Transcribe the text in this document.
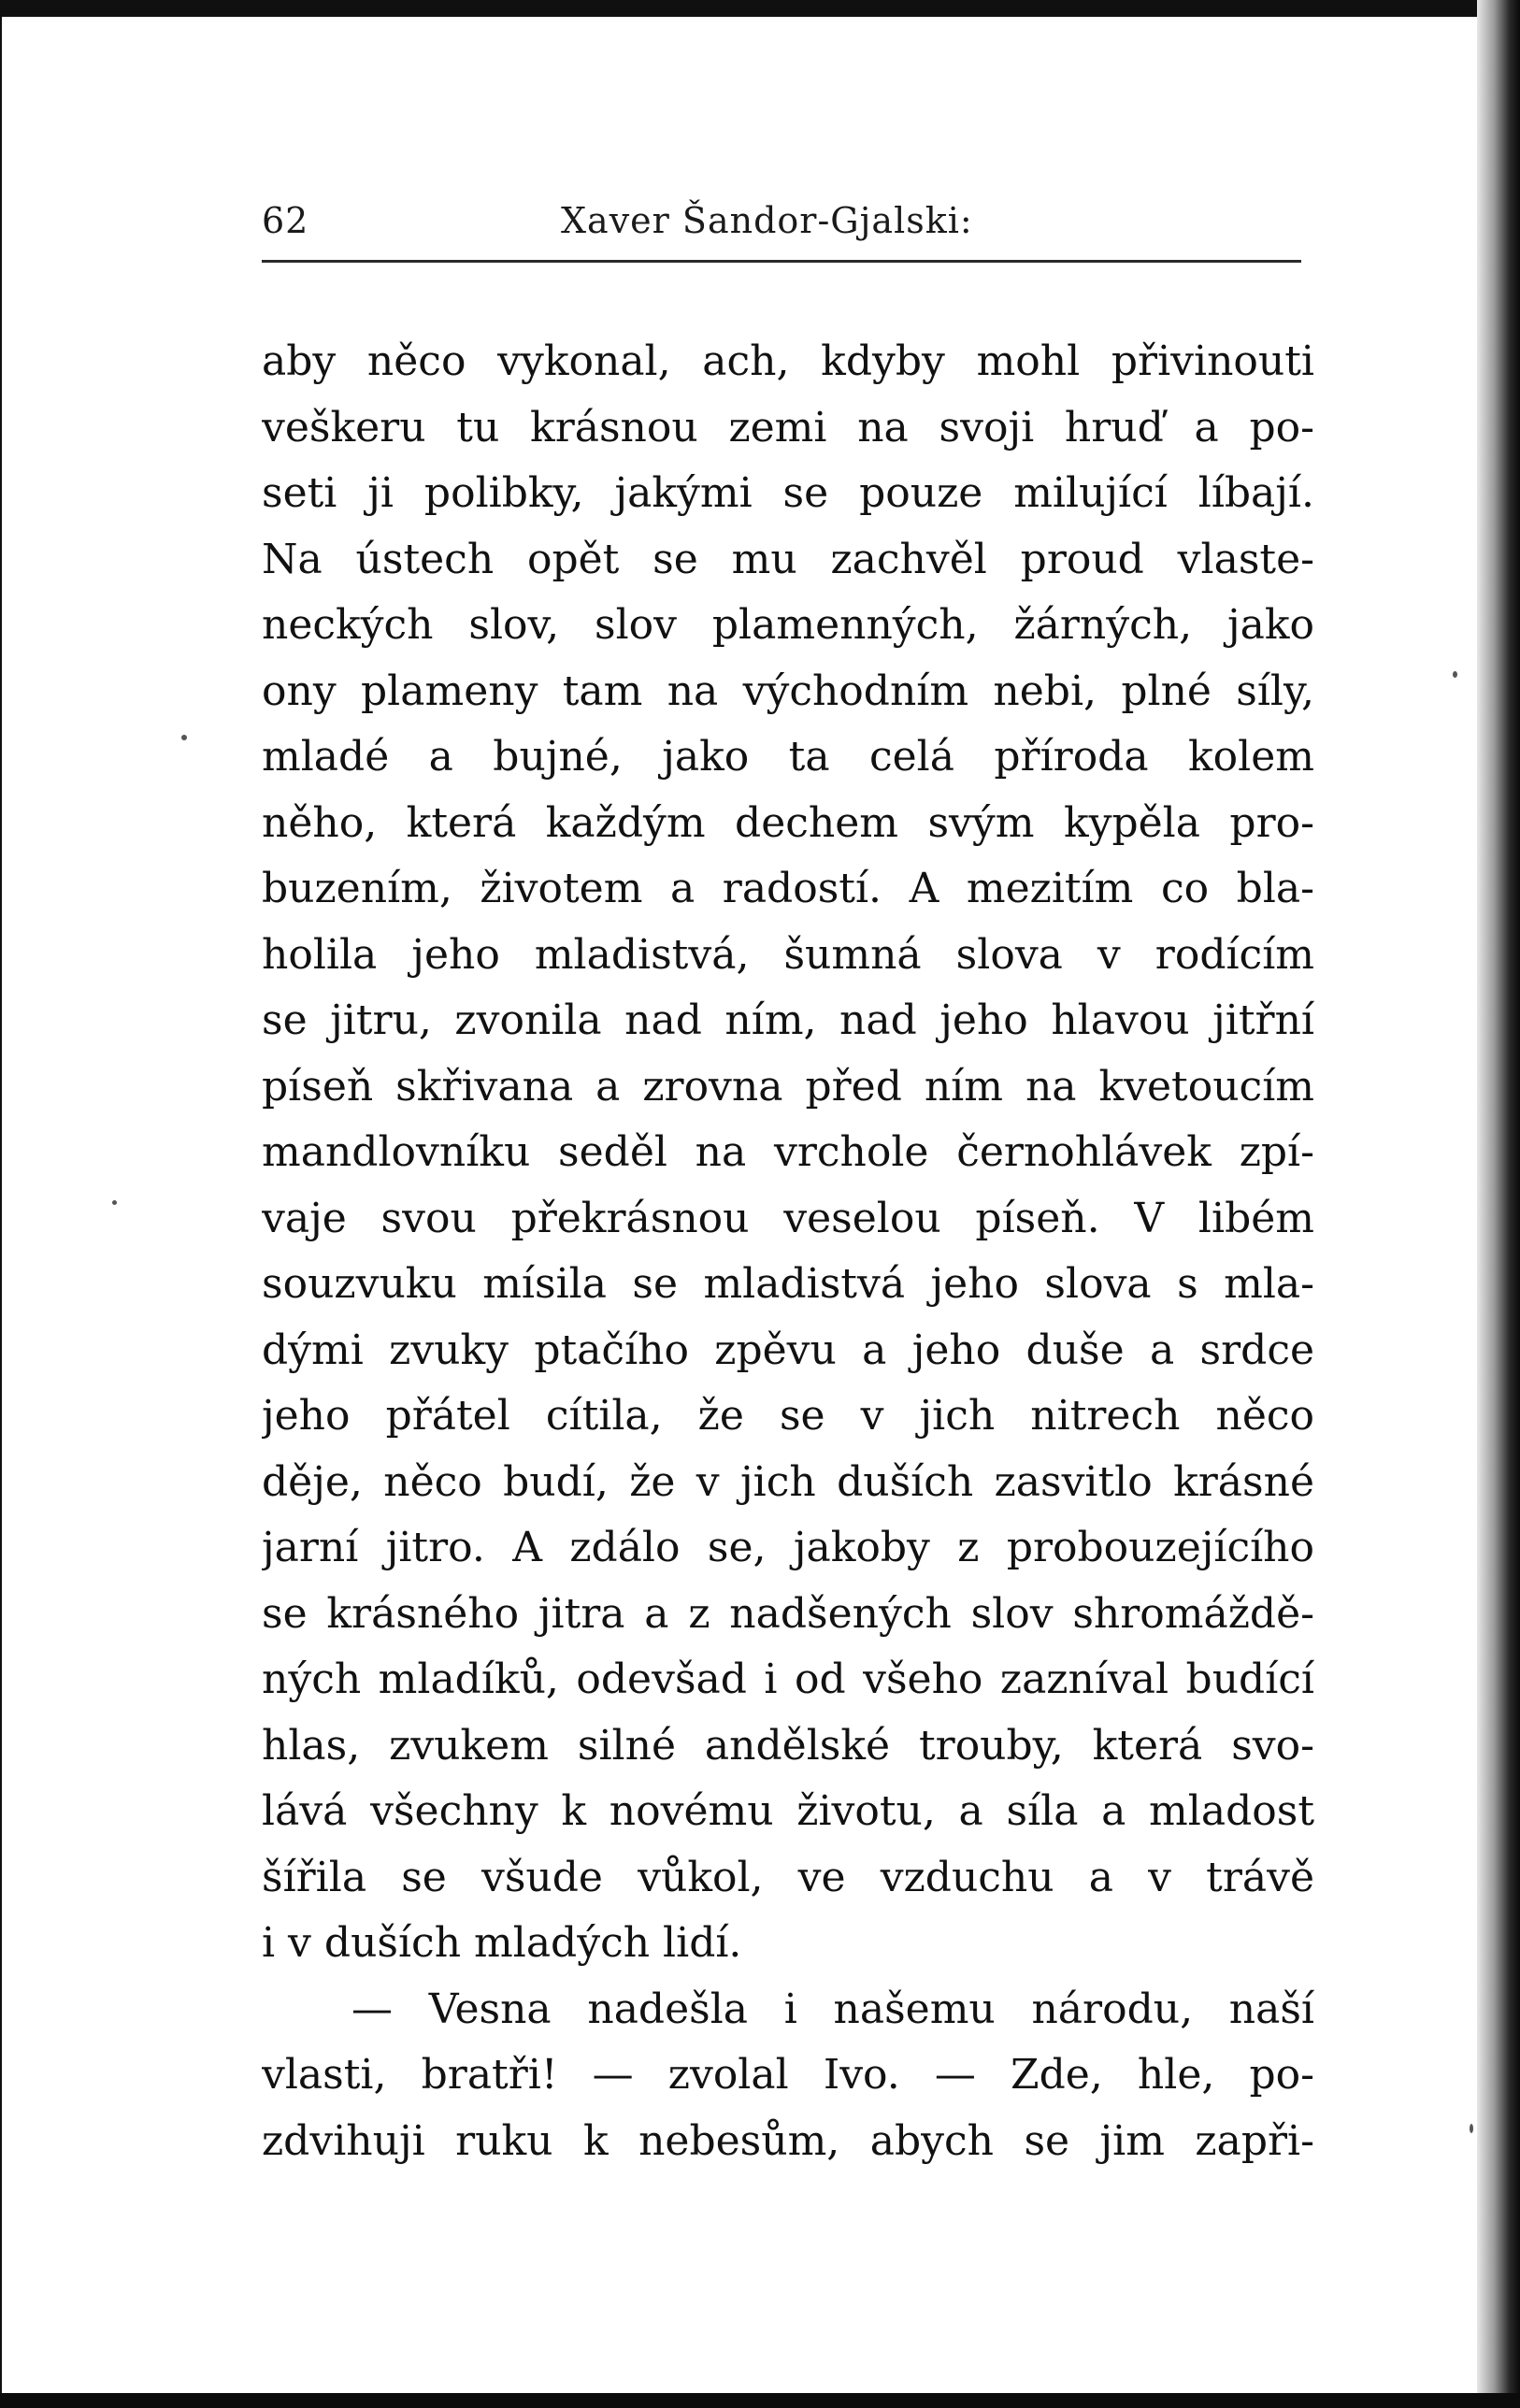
62	Xaver Šandor-Gjalski:
aby něco vykonal, ach, kdyby mohl přivinouti
veškeru tu krásnou zemi na svoji hruď a po-
seti ji polibky, jakými se pouze milující líbají.
Na ústech opět se mu zachvěl proud vlaste-
neckých slov, slov plamenných, žárných, jako
ony plameny tam na východním nebi, plné síly,
mladé a bujné, jako ta celá příroda kolem
něho, která každým dechem svým kypěla pro-
buzením, životem a radostí. A mezitím co bla-
holila jeho mladistvá, šumná slova v rodícím
se jitru, zvonila nad ním, nad jeho hlavou jitřní
píseň skřivana a zrovna před ním na kvetoucím
mandlovníku seděl na vrchole černohlávek zpí-
vaje svou překrásnou veselou píseň. V libém
souzvuku mísila se mladistvá jeho slova s mla-
dými zvuky ptačího zpěvu a jeho duše a srdce
jeho přátel cítila, že se v jich nitrech něco
děje, něco budí, že v jich duších zasvitlo krásné
jarní jitro. A zdálo se, jakoby z probouzejícího
se krásného jitra a z nadšených slov shromáždě-
ných mladíků, odevšad i od všeho zazníval budící
hlas, zvukem silné andělské trouby, která svo-
lává všechny k novému životu, a síla a mladost
šířila se všude vůkol, ve vzduchu a v trávě
i v duších mladých lidí.
— Vesna nadešla i našemu národu, naší
vlasti, bratři! — zvolal Ivo. — Zde, hle, po-
zdvihuji ruku k nebesům, abych se jim zapři-
